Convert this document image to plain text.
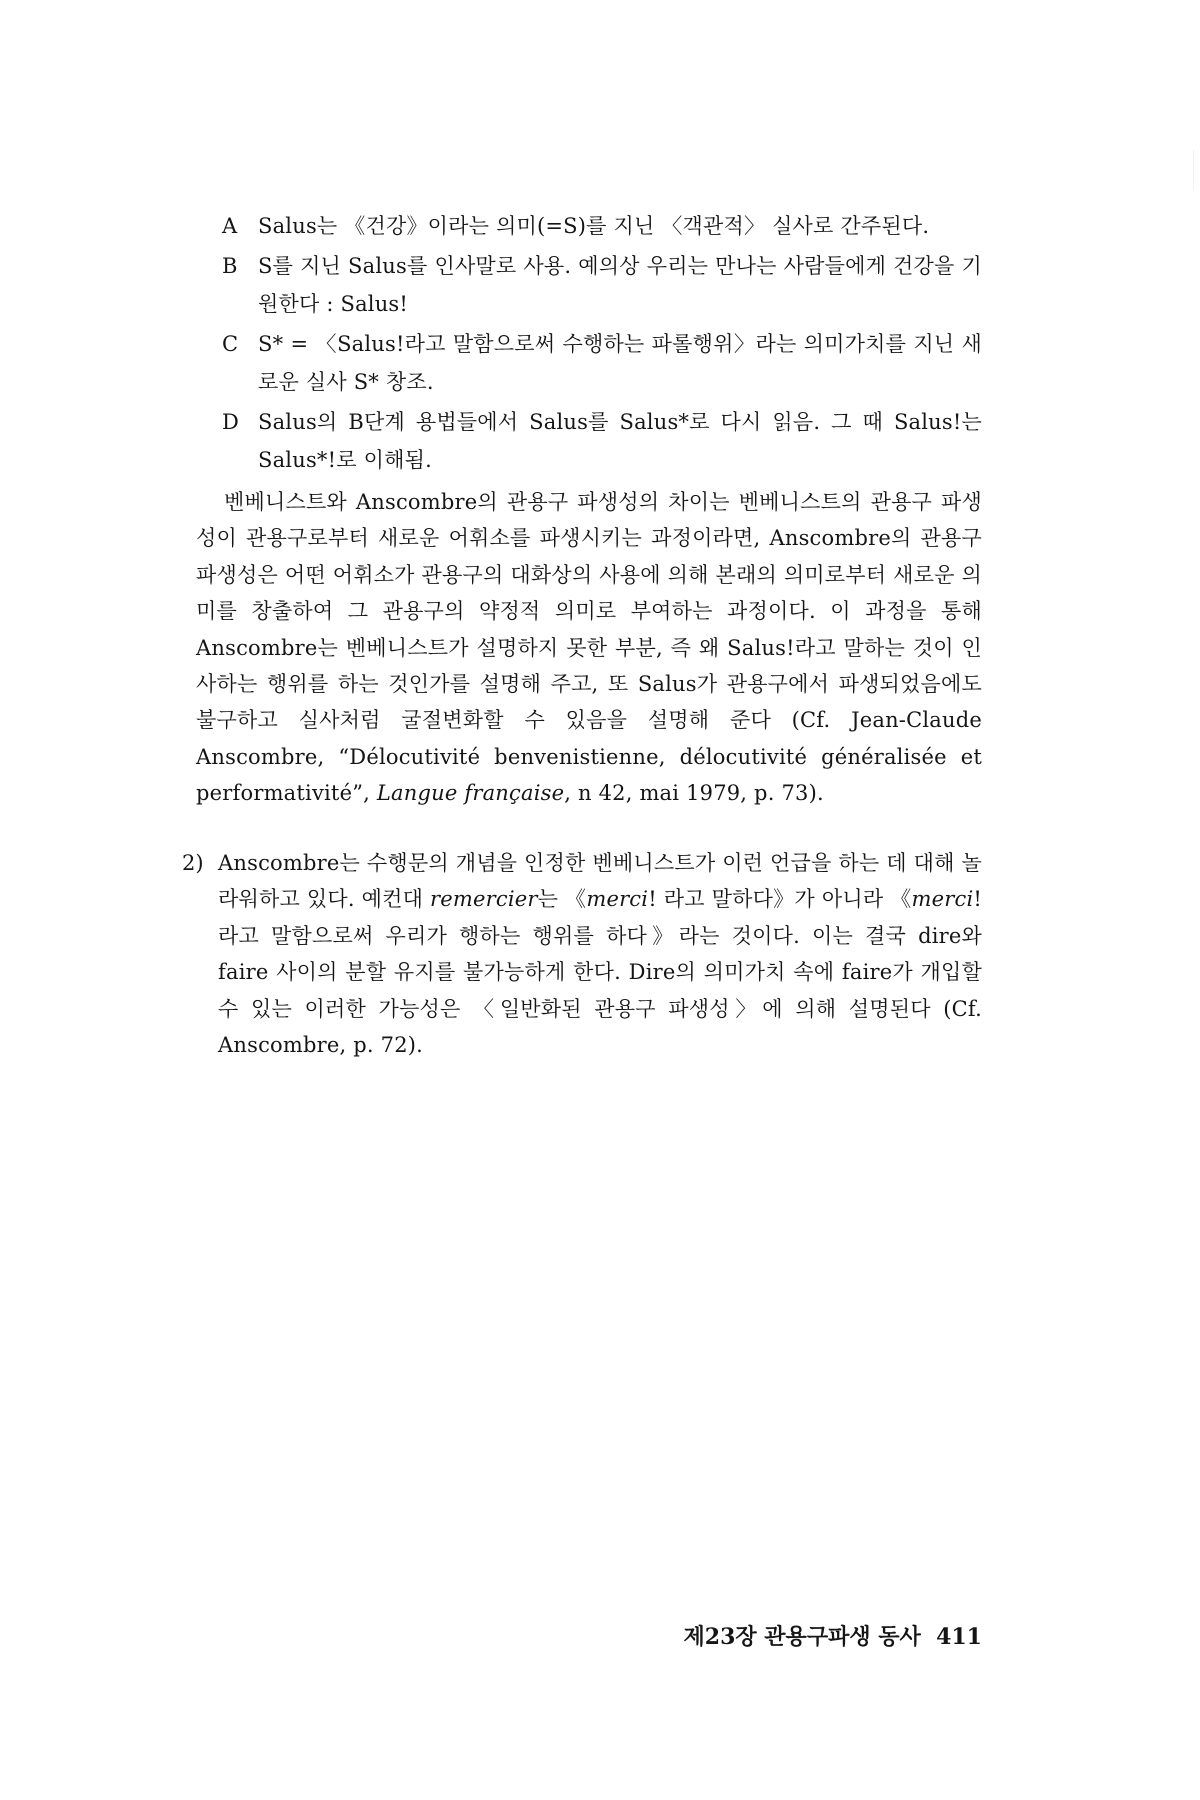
A Salus는 《건강》이라는 의미(=S)를 지닌 〈객관적〉 실사로 간주된다.
B S를 지닌 Salus를 인사말로 사용. 예의상 우리는 만나는 사람들에게 건강을 기원한다 : Salus!
C S* = 〈Salus!라고 말함으로써 수행하는 파롤행위〉라는 의미가치를 지닌 새로운 실사 S* 창조.
D Salus의 B단계 용법들에서 Salus를 Salus*로 다시 읽음. 그 때 Salus!는 Salus*!로 이해됨.
벤베니스트와 Anscombre의 관용구 파생성의 차이는 벤베니스트의 관용구 파생성이 관용구로부터 새로운 어휘소를 파생시키는 과정이라면, Anscombre의 관용구 파생성은 어떤 어휘소가 관용구의 대화상의 사용에 의해 본래의 의미로부터 새로운 의미를 창출하여 그 관용구의 약정적 의미로 부여하는 과정이다. 이 과정을 통해 Anscombre는 벤베니스트가 설명하지 못한 부분, 즉 왜 Salus!라고 말하는 것이 인사하는 행위를 하는 것인가를 설명해 주고, 또 Salus가 관용구에서 파생되었음에도 불구하고 실사처럼 굴절변화할 수 있음을 설명해 준다 (Cf. Jean-Claude Anscombre, “Délocutivité benvenistienne, délocutivité généralisée et performativité”, Langue française, n 42, mai 1979, p. 73).
2) Anscombre는 수행문의 개념을 인정한 벤베니스트가 이런 언급을 하는 데 대해 놀라워하고 있다. 예컨대 remercier는 《merci! 라고 말하다》가 아니라 《merci! 라고 말함으로써 우리가 행하는 행위를 하다》라는 것이다. 이는 결국 dire와 faire 사이의 분할 유지를 불가능하게 한다. Dire의 의미가치 속에 faire가 개입할 수 있는 이러한 가능성은 〈일반화된 관용구 파생성〉에 의해 설명된다 (Cf. Anscombre, p. 72).
제23장 관용구파생 동사 411
